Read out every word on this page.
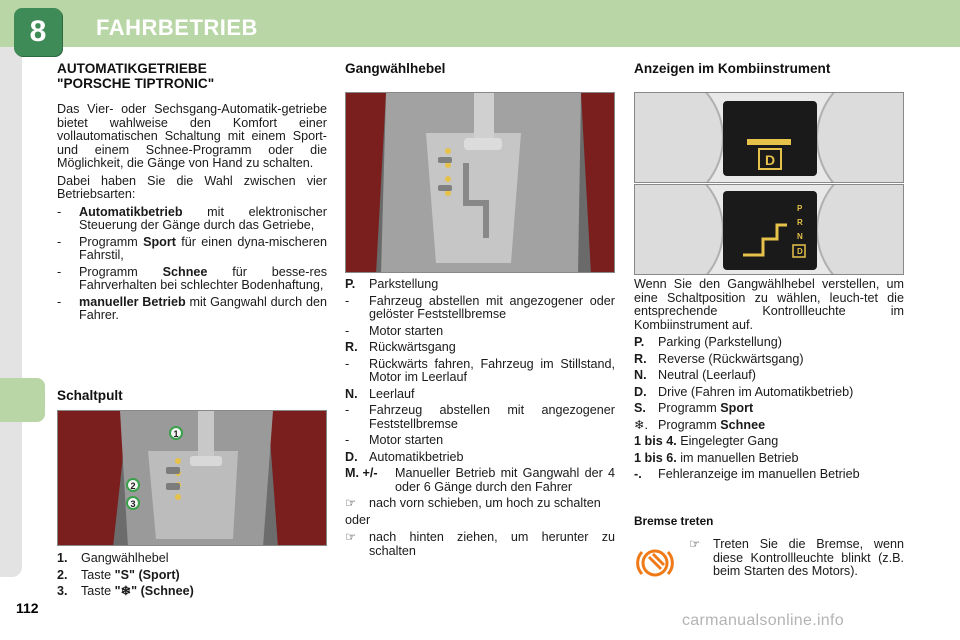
8	FAHRBETRIEB
112
carmanualsonline.info
AUTOMATIKGETRIEBE
"PORSCHE TIPTRONIC"

Das Vier- oder Sechsgang-Automatik-getriebe bietet wahlweise den Komfort einer vollautomatischen Schaltung mit einem Sport- und einem Schnee-Programm oder die Möglichkeit, die Gänge von Hand zu schalten.

Dabei haben Sie die Wahl zwischen vier Betriebsarten:

-	Automatikbetrieb mit elektronischer Steuerung der Gänge durch das Getriebe,
-	Programm Sport für einen dyna-mischeren Fahrstil,
-	Programm Schnee für besse-res Fahrverhalten bei schlechter Bodenhaftung,
-	manueller Betrieb mit Gangwahl durch den Fahrer.
Schaltpult
2
3
1
1.	Gangwählhebel
2.	Taste "S" (Sport)
3.	Taste "❄" (Schnee)
Gangwählhebel
P.	Parkstellung
-	Fahrzeug abstellen mit angezogener oder gelöster Feststellbremse
-	Motor starten
R. Rückwärtsgang
-	Rückwärts fahren, Fahrzeug im Stillstand, Motor im Leerlauf
N. Leerlauf
-	Fahrzeug abstellen mit angezogener Feststellbremse
-	Motor starten
D. Automatikbetrieb
M. +/-	Manueller Betrieb mit Gangwahl der 4 oder 6 Gänge durch den Fahrer
☞	nach vorn schieben, um hoch zu schalten

oder

☞	nach hinten ziehen, um herunter zu schalten
Anzeigen im Kombiinstrument
D
P
R
N
D

Wenn Sie den Gangwählhebel verstellen, um eine Schaltposition zu wählen, leuch-tet die entsprechende Kontrollleuchte im Kombiinstrument auf.

P.	Parking (Parkstellung)
R. Reverse (Rückwärtsgang)
N. Neutral (Leerlauf)
D. Drive (Fahren im Automatikbetrieb)
S. Programm Sport
❄. Programm Schnee
1 bis 4. Eingelegter Gang
1 bis 6. im manuellen Betrieb
-.	Fehleranzeige im manuellen Betrieb
Bremse treten
☞	Treten Sie die Bremse, wenn diese Kontrollleuchte blinkt (z.B. beim Starten des Motors).
